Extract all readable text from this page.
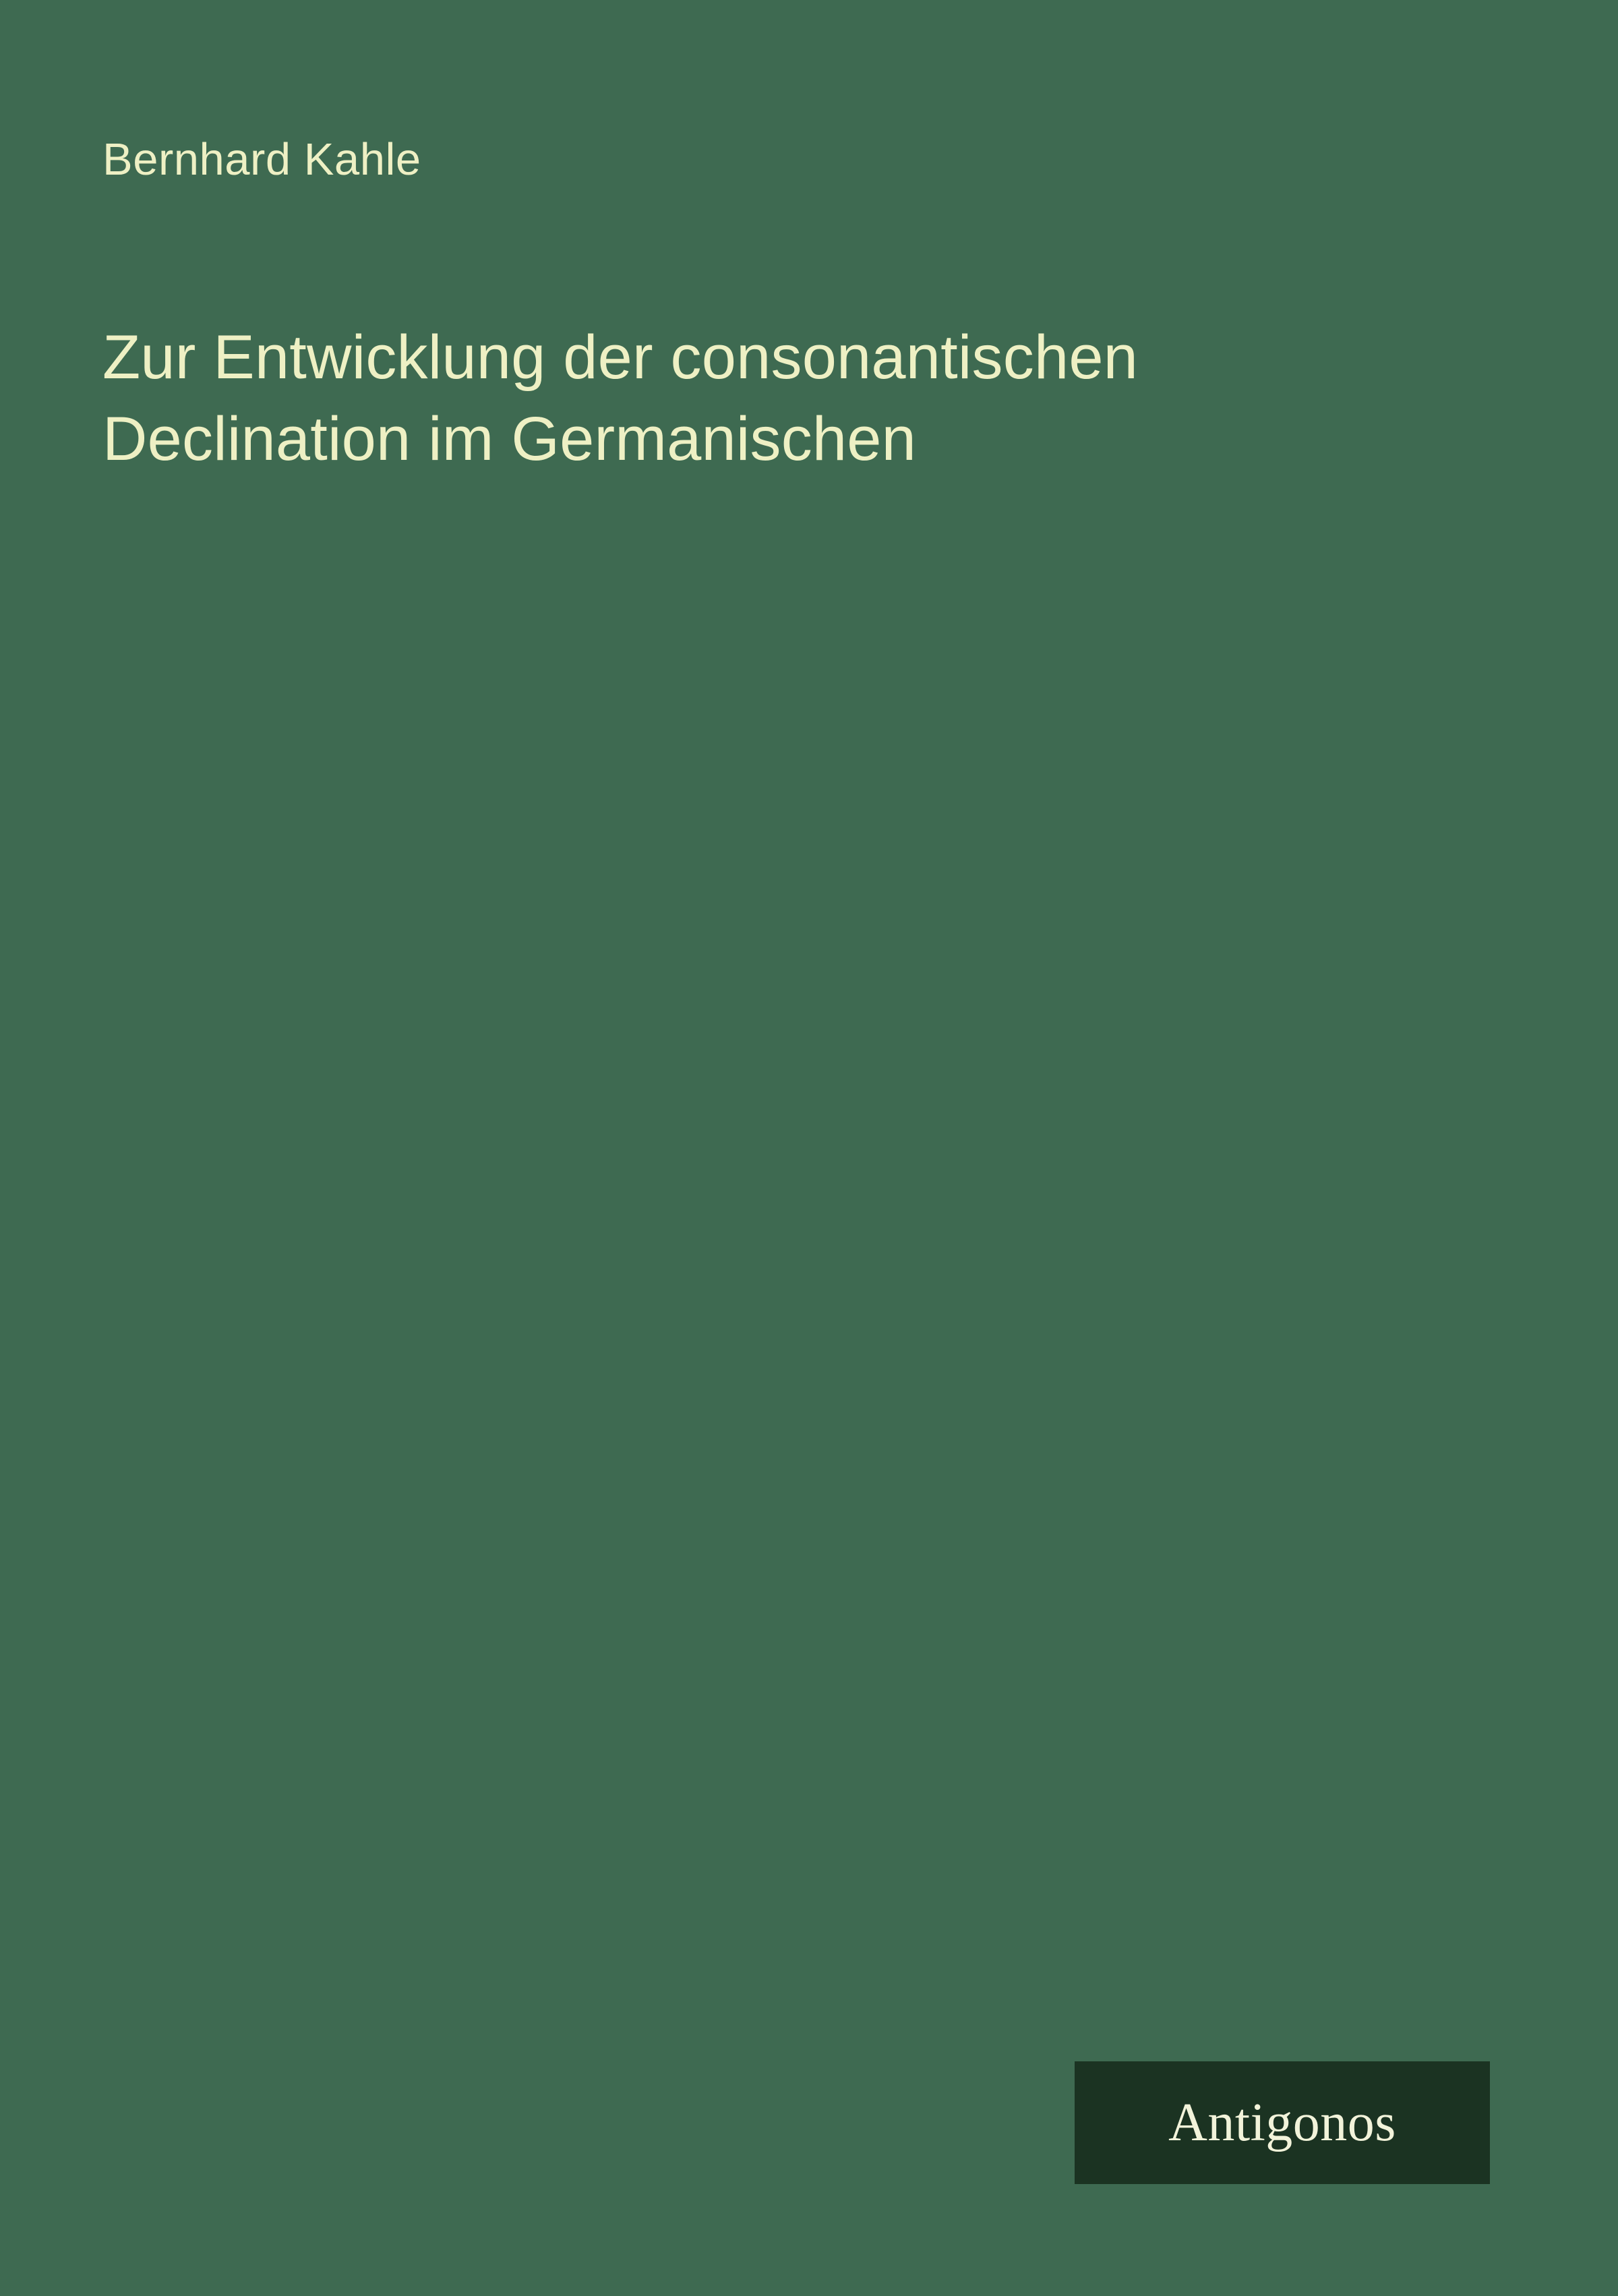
Bernhard Kahle
Zur Entwicklung der consonantischen Declination im Germanischen
Antigonos
